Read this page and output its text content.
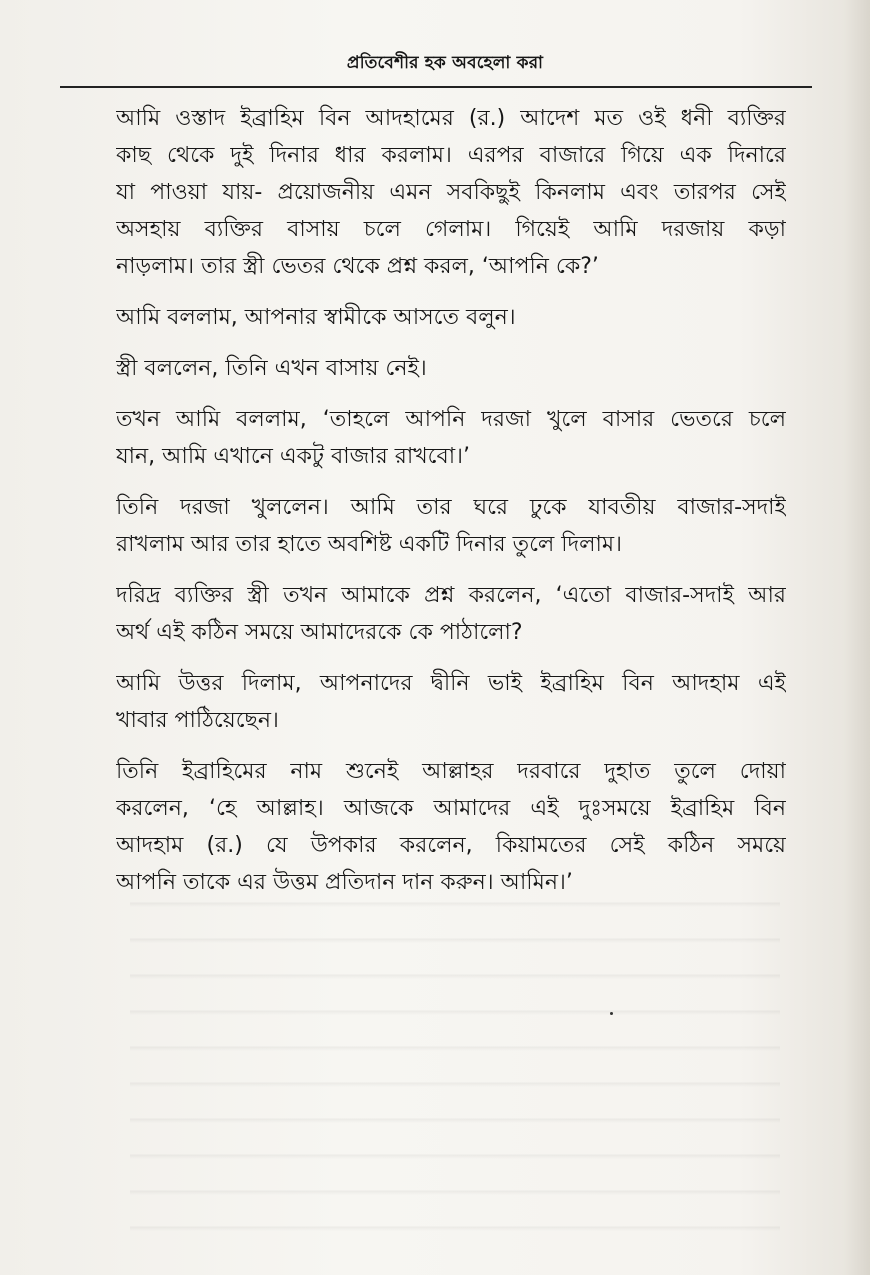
প্রতিবেশীর হক অবহেলা করা

আমি ওস্তাদ ইব্রাহিম বিন আদহামের (র.) আদেশ মত ওই ধনী ব্যক্তির
কাছ থেকে দুই দিনার ধার করলাম। এরপর বাজারে গিয়ে এক দিনারে
যা পাওয়া যায়- প্রয়োজনীয় এমন সবকিছুই কিনলাম এবং তারপর সেই
অসহায় ব্যক্তির বাসায় চলে গেলাম। গিয়েই আমি দরজায় কড়া
নাড়লাম। তার স্ত্রী ভেতর থেকে প্রশ্ন করল, ‘আপনি কে?’

আমি বললাম, আপনার স্বামীকে আসতে বলুন।

স্ত্রী বললেন, তিনি এখন বাসায় নেই।

তখন আমি বললাম, ‘তাহলে আপনি দরজা খুলে বাসার ভেতরে চলে
যান, আমি এখানে একটু বাজার রাখবো।’

তিনি দরজা খুললেন। আমি তার ঘরে ঢুকে যাবতীয় বাজার-সদাই
রাখলাম আর তার হাতে অবশিষ্ট একটি দিনার তুলে দিলাম।

দরিদ্র ব্যক্তির স্ত্রী তখন আমাকে প্রশ্ন করলেন, ‘এতো বাজার-সদাই আর
অর্থ এই কঠিন সময়ে আমাদেরকে কে পাঠালো?

আমি উত্তর দিলাম, আপনাদের দ্বীনি ভাই ইব্রাহিম বিন আদহাম এই
খাবার পাঠিয়েছেন।

তিনি ইব্রাহিমের নাম শুনেই আল্লাহর দরবারে দুহাত তুলে দোয়া
করলেন, ‘হে আল্লাহ। আজকে আমাদের এই দুঃসময়ে ইব্রাহিম বিন
আদহাম (র.) যে উপকার করলেন, কিয়ামতের সেই কঠিন সময়ে
আপনি তাকে এর উত্তম প্রতিদান দান করুন। আমিন।’
